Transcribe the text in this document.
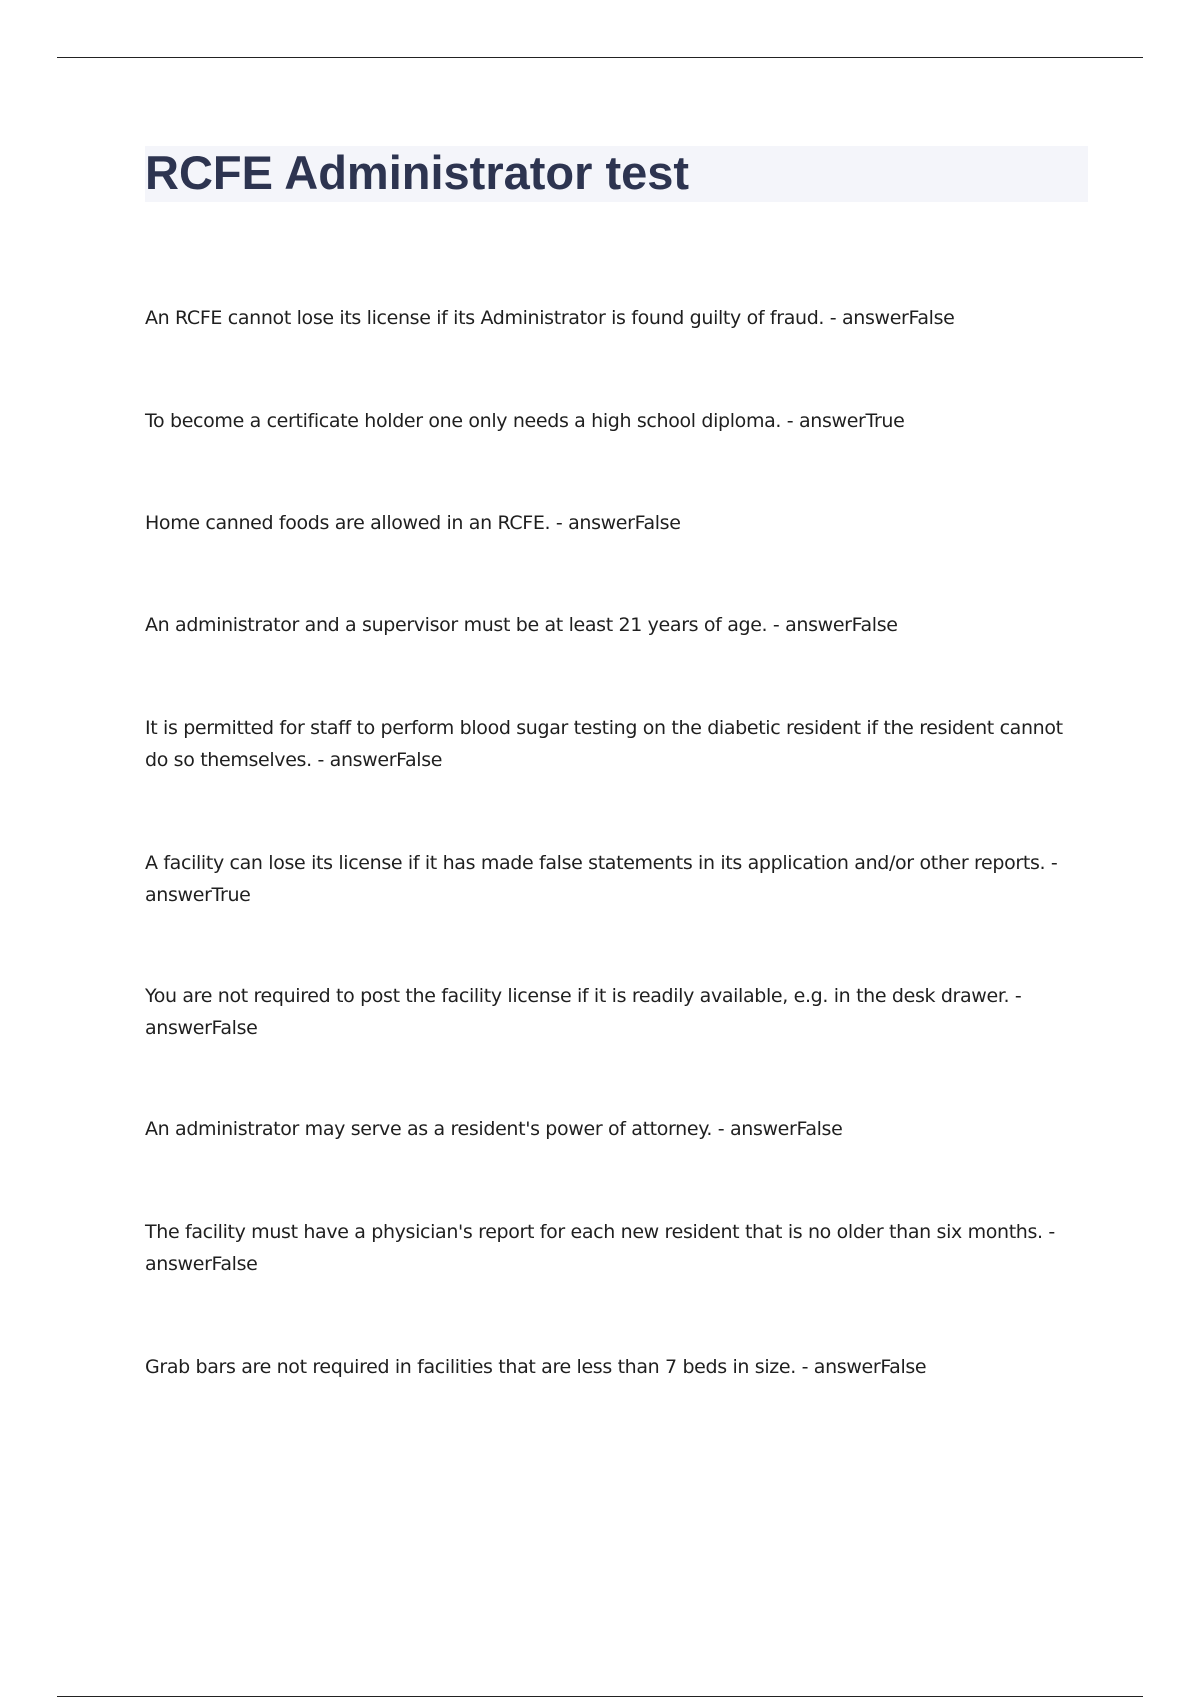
RCFE Administrator test

An RCFE cannot lose its license if its Administrator is found guilty of fraud. - answerFalse

To become a certificate holder one only needs a high school diploma. - answerTrue

Home canned foods are allowed in an RCFE. - answerFalse

An administrator and a supervisor must be at least 21 years of age. - answerFalse

It is permitted for staff to perform blood sugar testing on the diabetic resident if the resident cannot do so themselves. - answerFalse

A facility can lose its license if it has made false statements in its application and/or other reports. - answerTrue

You are not required to post the facility license if it is readily available, e.g. in the desk drawer. - answerFalse

An administrator may serve as a resident's power of attorney. - answerFalse

The facility must have a physician's report for each new resident that is no older than six months. - answerFalse

Grab bars are not required in facilities that are less than 7 beds in size. - answerFalse
